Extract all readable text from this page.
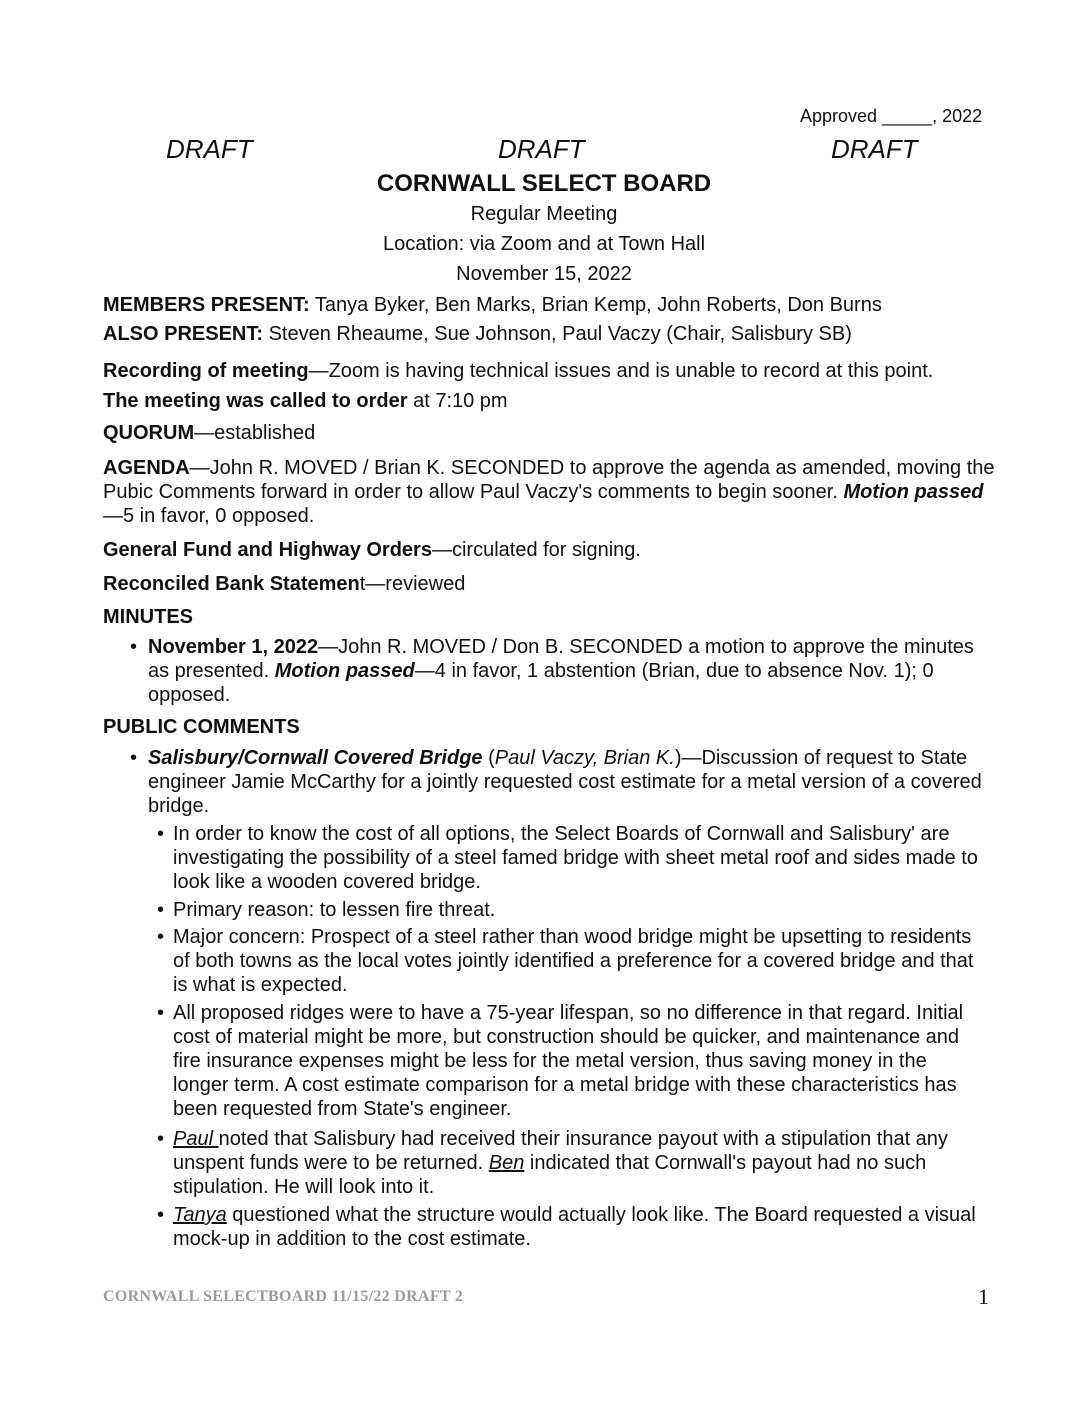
Approved _____, 2022
DRAFT	DRAFT	DRAFT
CORNWALL SELECT BOARD
Regular Meeting
Location: via Zoom and at Town Hall
November 15, 2022
MEMBERS PRESENT: Tanya Byker, Ben Marks, Brian Kemp, John Roberts, Don Burns
ALSO PRESENT: Steven Rheaume, Sue Johnson, Paul Vaczy (Chair, Salisbury SB)
Recording of meeting—Zoom is having technical issues and is unable to record at this point.
The meeting was called to order at 7:10 pm
QUORUM—established
AGENDA—John R. MOVED / Brian K. SECONDED to approve the agenda as amended, moving the Pubic Comments forward in order to allow Paul Vaczy's comments to begin sooner. Motion passed—5 in favor, 0 opposed.
General Fund and Highway Orders—circulated for signing.
Reconciled Bank Statement—reviewed
MINUTES
• November 1, 2022—John R. MOVED / Don B. SECONDED a motion to approve the minutes as presented. Motion passed—4 in favor, 1 abstention (Brian, due to absence Nov. 1); 0 opposed.
PUBLIC COMMENTS
• Salisbury/Cornwall Covered Bridge (Paul Vaczy, Brian K.)—Discussion of request to State engineer Jamie McCarthy for a jointly requested cost estimate for a metal version of a covered bridge.
• In order to know the cost of all options, the Select Boards of Cornwall and Salisbury' are investigating the possibility of a steel famed bridge with sheet metal roof and sides made to look like a wooden covered bridge.
• Primary reason: to lessen fire threat.
• Major concern: Prospect of a steel rather than wood bridge might be upsetting to residents of both towns as the local votes jointly identified a preference for a covered bridge and that is what is expected.
• All proposed ridges were to have a 75-year lifespan, so no difference in that regard. Initial cost of material might be more, but construction should be quicker, and maintenance and fire insurance expenses might be less for the metal version, thus saving money in the longer term. A cost estimate comparison for a metal bridge with these characteristics has been requested from State's engineer.
• Paul noted that Salisbury had received their insurance payout with a stipulation that any unspent funds were to be returned. Ben indicated that Cornwall's payout had no such stipulation. He will look into it.
• Tanya questioned what the structure would actually look like. The Board requested a visual mock-up in addition to the cost estimate.
CORNWALL SELECTBOARD 11/15/22 DRAFT 2	1
